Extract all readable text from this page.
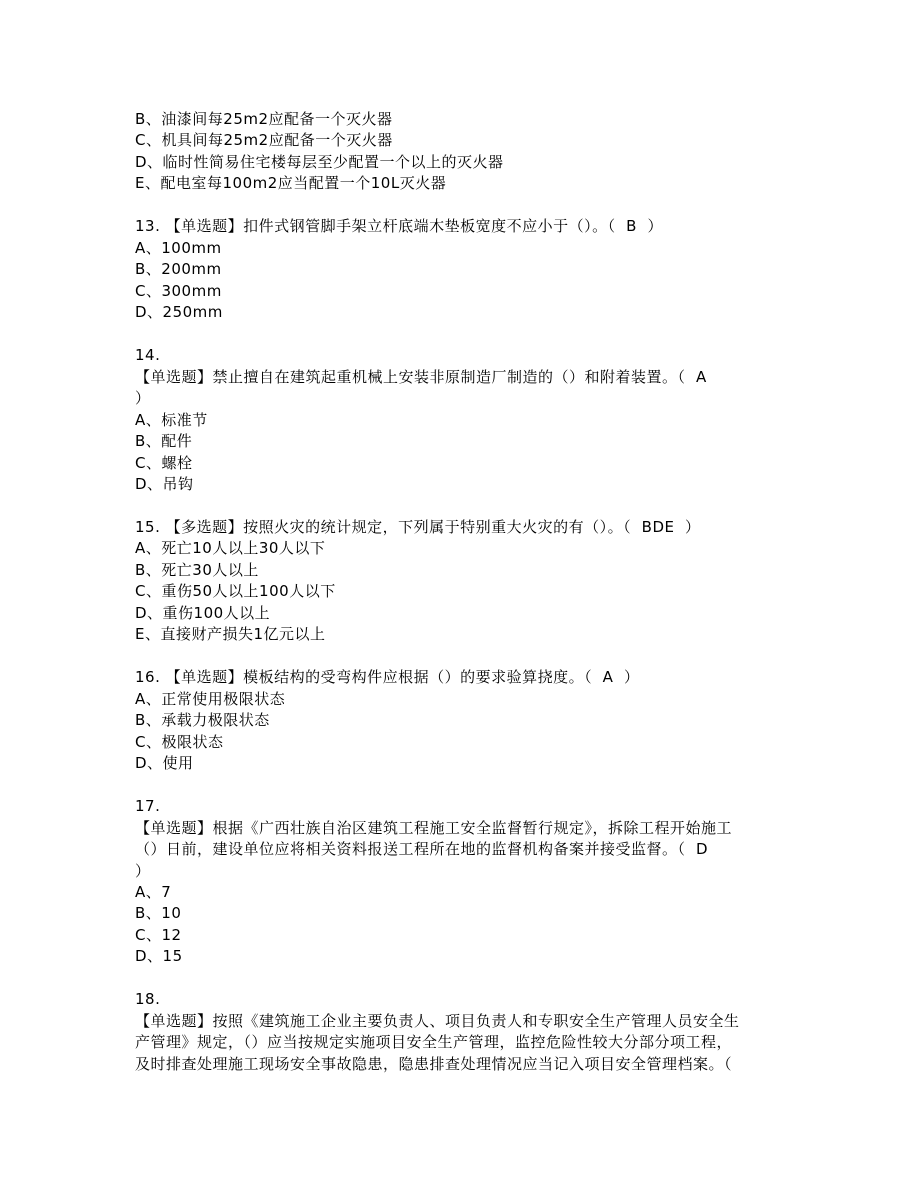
B、油漆间每25m2应配备一个灭火器
C、机具间每25m2应配备一个灭火器
D、临时性简易住宅楼每层至少配置一个以上的灭火器
E、配电室每100m2应当配置一个10L灭火器
13. 【单选题】扣件式钢管脚手架立杆底端木垫板宽度不应小于（）。（  B  ）
A、100mm
B、200mm
C、300mm
D、250mm
14.
【单选题】禁止擅自在建筑起重机械上安装非原制造厂制造的（）和附着装置。（  A
）
A、标准节
B、配件
C、螺栓
D、吊钩
15. 【多选题】按照火灾的统计规定，下列属于特别重大火灾的有（）。（  BDE  ）
A、死亡10人以上30人以下
B、死亡30人以上
C、重伤50人以上100人以下
D、重伤100人以上
E、直接财产损失1亿元以上
16. 【单选题】模板结构的受弯构件应根据（）的要求验算挠度。（  A  ）
A、正常使用极限状态
B、承载力极限状态
C、极限状态
D、使用
17.
【单选题】根据《广西壮族自治区建筑工程施工安全监督暂行规定》，拆除工程开始施工
（）日前，建设单位应将相关资料报送工程所在地的监督机构备案并接受监督。（  D
）
A、7
B、10
C、12
D、15
18.
【单选题】按照《建筑施工企业主要负责人、项目负责人和专职安全生产管理人员安全生
产管理》规定，（）应当按规定实施项目安全生产管理，监控危险性较大分部分项工程，
及时排查处理施工现场安全事故隐患，隐患排查处理情况应当记入项目安全管理档案。（
